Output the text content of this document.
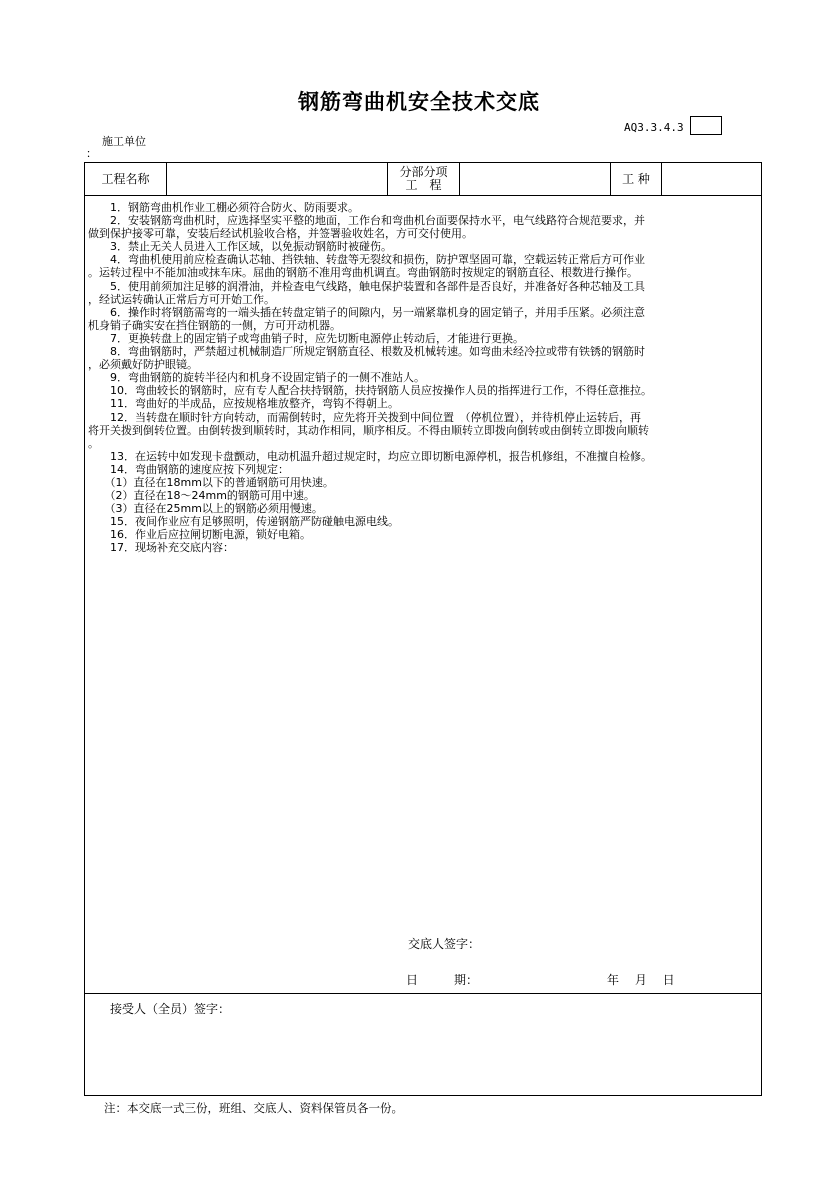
钢筋弯曲机安全技术交底
AQ3.3.4.3
施工单位
：
工程名称
分部分项
工　程	工 种

　　1．钢筋弯曲机作业工棚必须符合防火、防雨要求。

　　2．安装钢筋弯曲机时，应选择坚实平整的地面，工作台和弯曲机台面要保持水平，电气线路符合规范要求，并

做到保护接零可靠，安装后经试机验收合格，并签署验收姓名，方可交付使用。

　　3．禁止无关人员进入工作区域，以免振动钢筋时被碰伤。

　　4．弯曲机使用前应检查确认芯轴、挡铁轴、转盘等无裂纹和损伤，防护罩坚固可靠，空载运转正常后方可作业

。运转过程中不能加油或抹车床。屈曲的钢筋不准用弯曲机调直。弯曲钢筋时按规定的钢筋直径、根数进行操作。

　　5．使用前须加注足够的润滑油，并检查电气线路，触电保护装置和各部件是否良好，并准备好各种芯轴及工具

，经试运转确认正常后方可开始工作。

　　6．操作时将钢筋需弯的一端头插在转盘定销子的间隙内，另一端紧靠机身的固定销子，并用手压紧。必须注意

机身销子确实安在挡住钢筋的一侧，方可开动机器。

　　7．更换转盘上的固定销子或弯曲销子时，应先切断电源停止转动后，才能进行更换。

　　8．弯曲钢筋时，严禁超过机械制造厂所规定钢筋直径、根数及机械转速。如弯曲未经冷拉或带有铁锈的钢筋时

，必须戴好防护眼镜。

　　9．弯曲钢筋的旋转半径内和机身不设固定销子的一侧不准站人。

　　10．弯曲较长的钢筋时，应有专人配合扶持钢筋，扶持钢筋人员应按操作人员的指挥进行工作，不得任意推拉。

　　11．弯曲好的半成品，应按规格堆放整齐，弯钩不得朝上。

　　12．当转盘在顺时针方向转动，而需倒转时，应先将开关拨到中间位置　（停机位置），并待机停止运转后，再

将开关拨到倒转位置。由倒转拨到顺转时，其动作相同，顺序相反。不得由顺转立即拨向倒转或由倒转立即拨向顺转

。

　　13．在运转中如发现卡盘颤动，电动机温升超过规定时，均应立即切断电源停机，报告机修组，不准擅自检修。

　　14．弯曲钢筋的速度应按下列规定：

　　（1）直径在18mm以下的普通钢筋可用快速。

　　（2）直径在18～24mm的钢筋可用中速。

　　（3）直径在25mm以上的钢筋必须用慢速。

　　15．夜间作业应有足够照明，传递钢筋严防碰触电源电线。

　　16．作业后应拉闸切断电源，锁好电箱。

　　17．现场补充交底内容：

交底人签字：
日　　　期：	年　 月　 日
接受人（全员）签字：
注：本交底一式三份，班组、交底人、资料保管员各一份。
